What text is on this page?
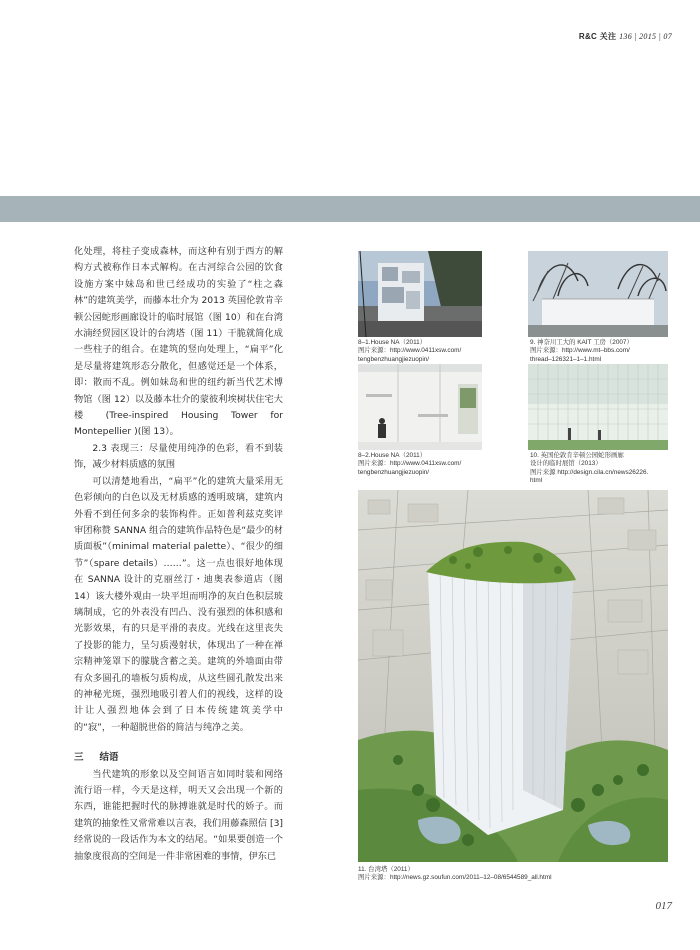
R&C 关注 136 | 2015 | 07

化处理，将柱子变成森林，而这种有别于西方的解构方式被称作日本式解构。在古河综合公园的饮食设施方案中妹岛和世已经成功的实验了“柱之森林”的建筑美学，而藤本壮介为 2013 英国伦敦肯辛顿公园蛇形画廊设计的临时展馆（图 10）和在台湾水湳经贸园区设计的台湾塔（图 11）干脆就简化成一些柱子的组合。在建筑的竖向处理上，“扁平”化是尽量将建筑形态分散化，但感觉还是一个体系，即：散而不乱。例如妹岛和世的纽约新当代艺术博物馆（图 12）以及藤本壮介的蒙彼利埃树状住宅大楼 (Tree-inspired Housing Tower for Montepellier )(图 13）。

2.3 表现三：尽量使用纯净的色彩，看不到装饰，减少材料质感的氛围

可以清楚地看出，“扁平”化的建筑大量采用无色彩倾向的白色以及无材质感的透明玻璃，建筑内外看不到任何多余的装饰构件。正如普利兹克奖评审团称赞 SANNA 组合的建筑作品特色是“最少的材质面板”（minimal material palette）、“很少的细节”（spare details）……”。这一点也很好地体现在 SANNA 设计的克丽丝汀・迪奥表参道店（图 14）该大楼外观由一块平坦而明净的灰白色积层玻璃制成，它的外表没有凹凸、没有强烈的体积感和光影效果，有的只是平滑的表皮。光线在这里丧失了投影的能力，呈匀质漫射状，体现出了一种在禅宗精神笼罩下的朦胧含蓄之美。建筑的外墙面由带有众多圆孔的墙板匀质构成，从这些圆孔散发出来的神秘光斑，强烈地吸引着人们的视线，这样的设计让人强烈地体会到了日本传统建筑美学中的“寂”，一种超脱世俗的简洁与纯净之美。

三 结语

当代建筑的形象以及空间语言如同时装和网络流行语一样，今天是这样，明天又会出现一个新的东西，谁能把握时代的脉搏谁就是时代的娇子。而建筑的抽象性又常常难以言表，我们用藤森照信 [3] 经常说的一段话作为本文的结尾。“如果要创造一个抽象度很高的空间是一件非常困难的事情，伊东已

8–1.House NA（2011）
图片来源：http://www.0411xsw.com/
tengbenzhuangjiezuopin/
9. 神奈川工大的 KAIT 工房（2007）
图片来源：http://www.mt–bbs.com/
thread–126321–1–1.html
8–2.House NA（2011）
图片来源：http://www.0411xsw.com/
tengbenzhuangjiezuopin/
10. 英国伦敦肯辛顿公园蛇形画廊
设计的临时展馆（2013）
图片来源 http://design.cila.cn/news26226.
html
11. 台湾塔（2011）
图片来源：http://news.gz.soufun.com/2011–12–08/6544589_all.html
017
